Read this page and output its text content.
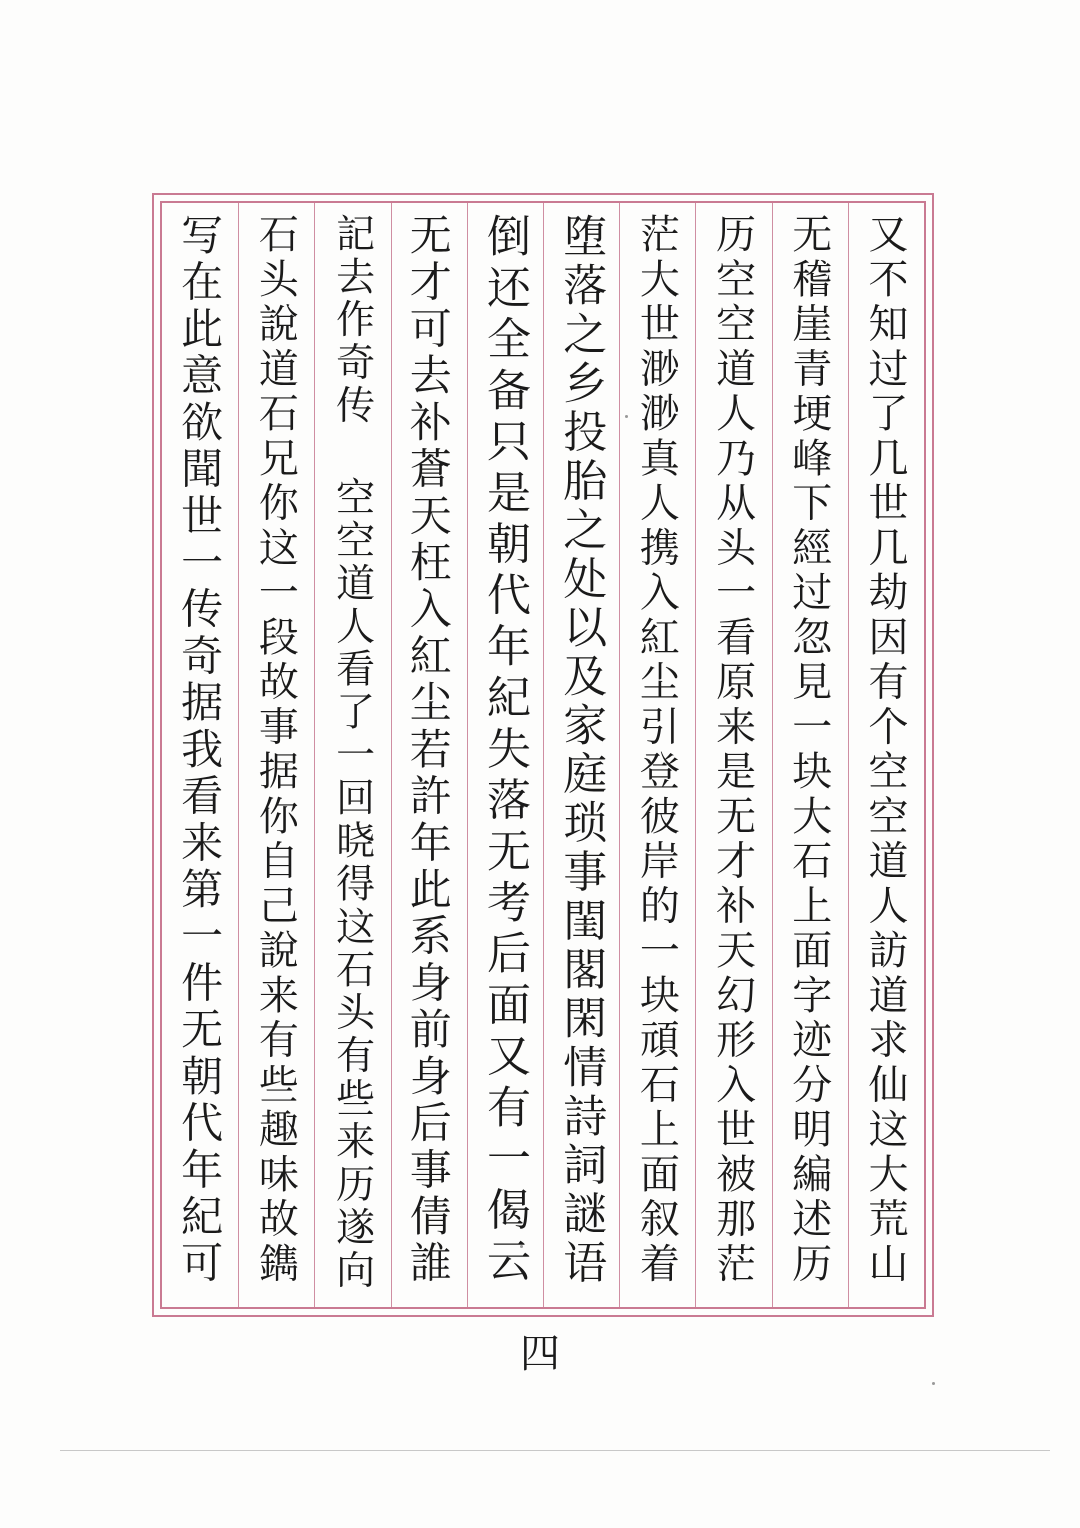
又不知过了几世几劫因有个空空道人訪道求仙这大荒山
无稽崖青埂峰下經过忽見一块大石上面字迹分明編述历
历空空道人乃从头一看原来是无才补天幻形入世被那茫
茫大世渺渺真人携入紅尘引登彼岸的一块頑石上面叙着
堕落之乡投胎之处以及家庭琐事閨閣閑情詩詞謎语
倒还全备只是朝代年紀失落无考后面又有一偈云
无才可去补蒼天枉入紅尘若許年此系身前身后事倩誰
記去作奇传 空空道人看了一回晓得这石头有些来历遂向
石头說道石兄你这一段故事据你自己說来有些趣味故鐫
写在此意欲聞世一传奇据我看来第一件无朝代年紀可
四
